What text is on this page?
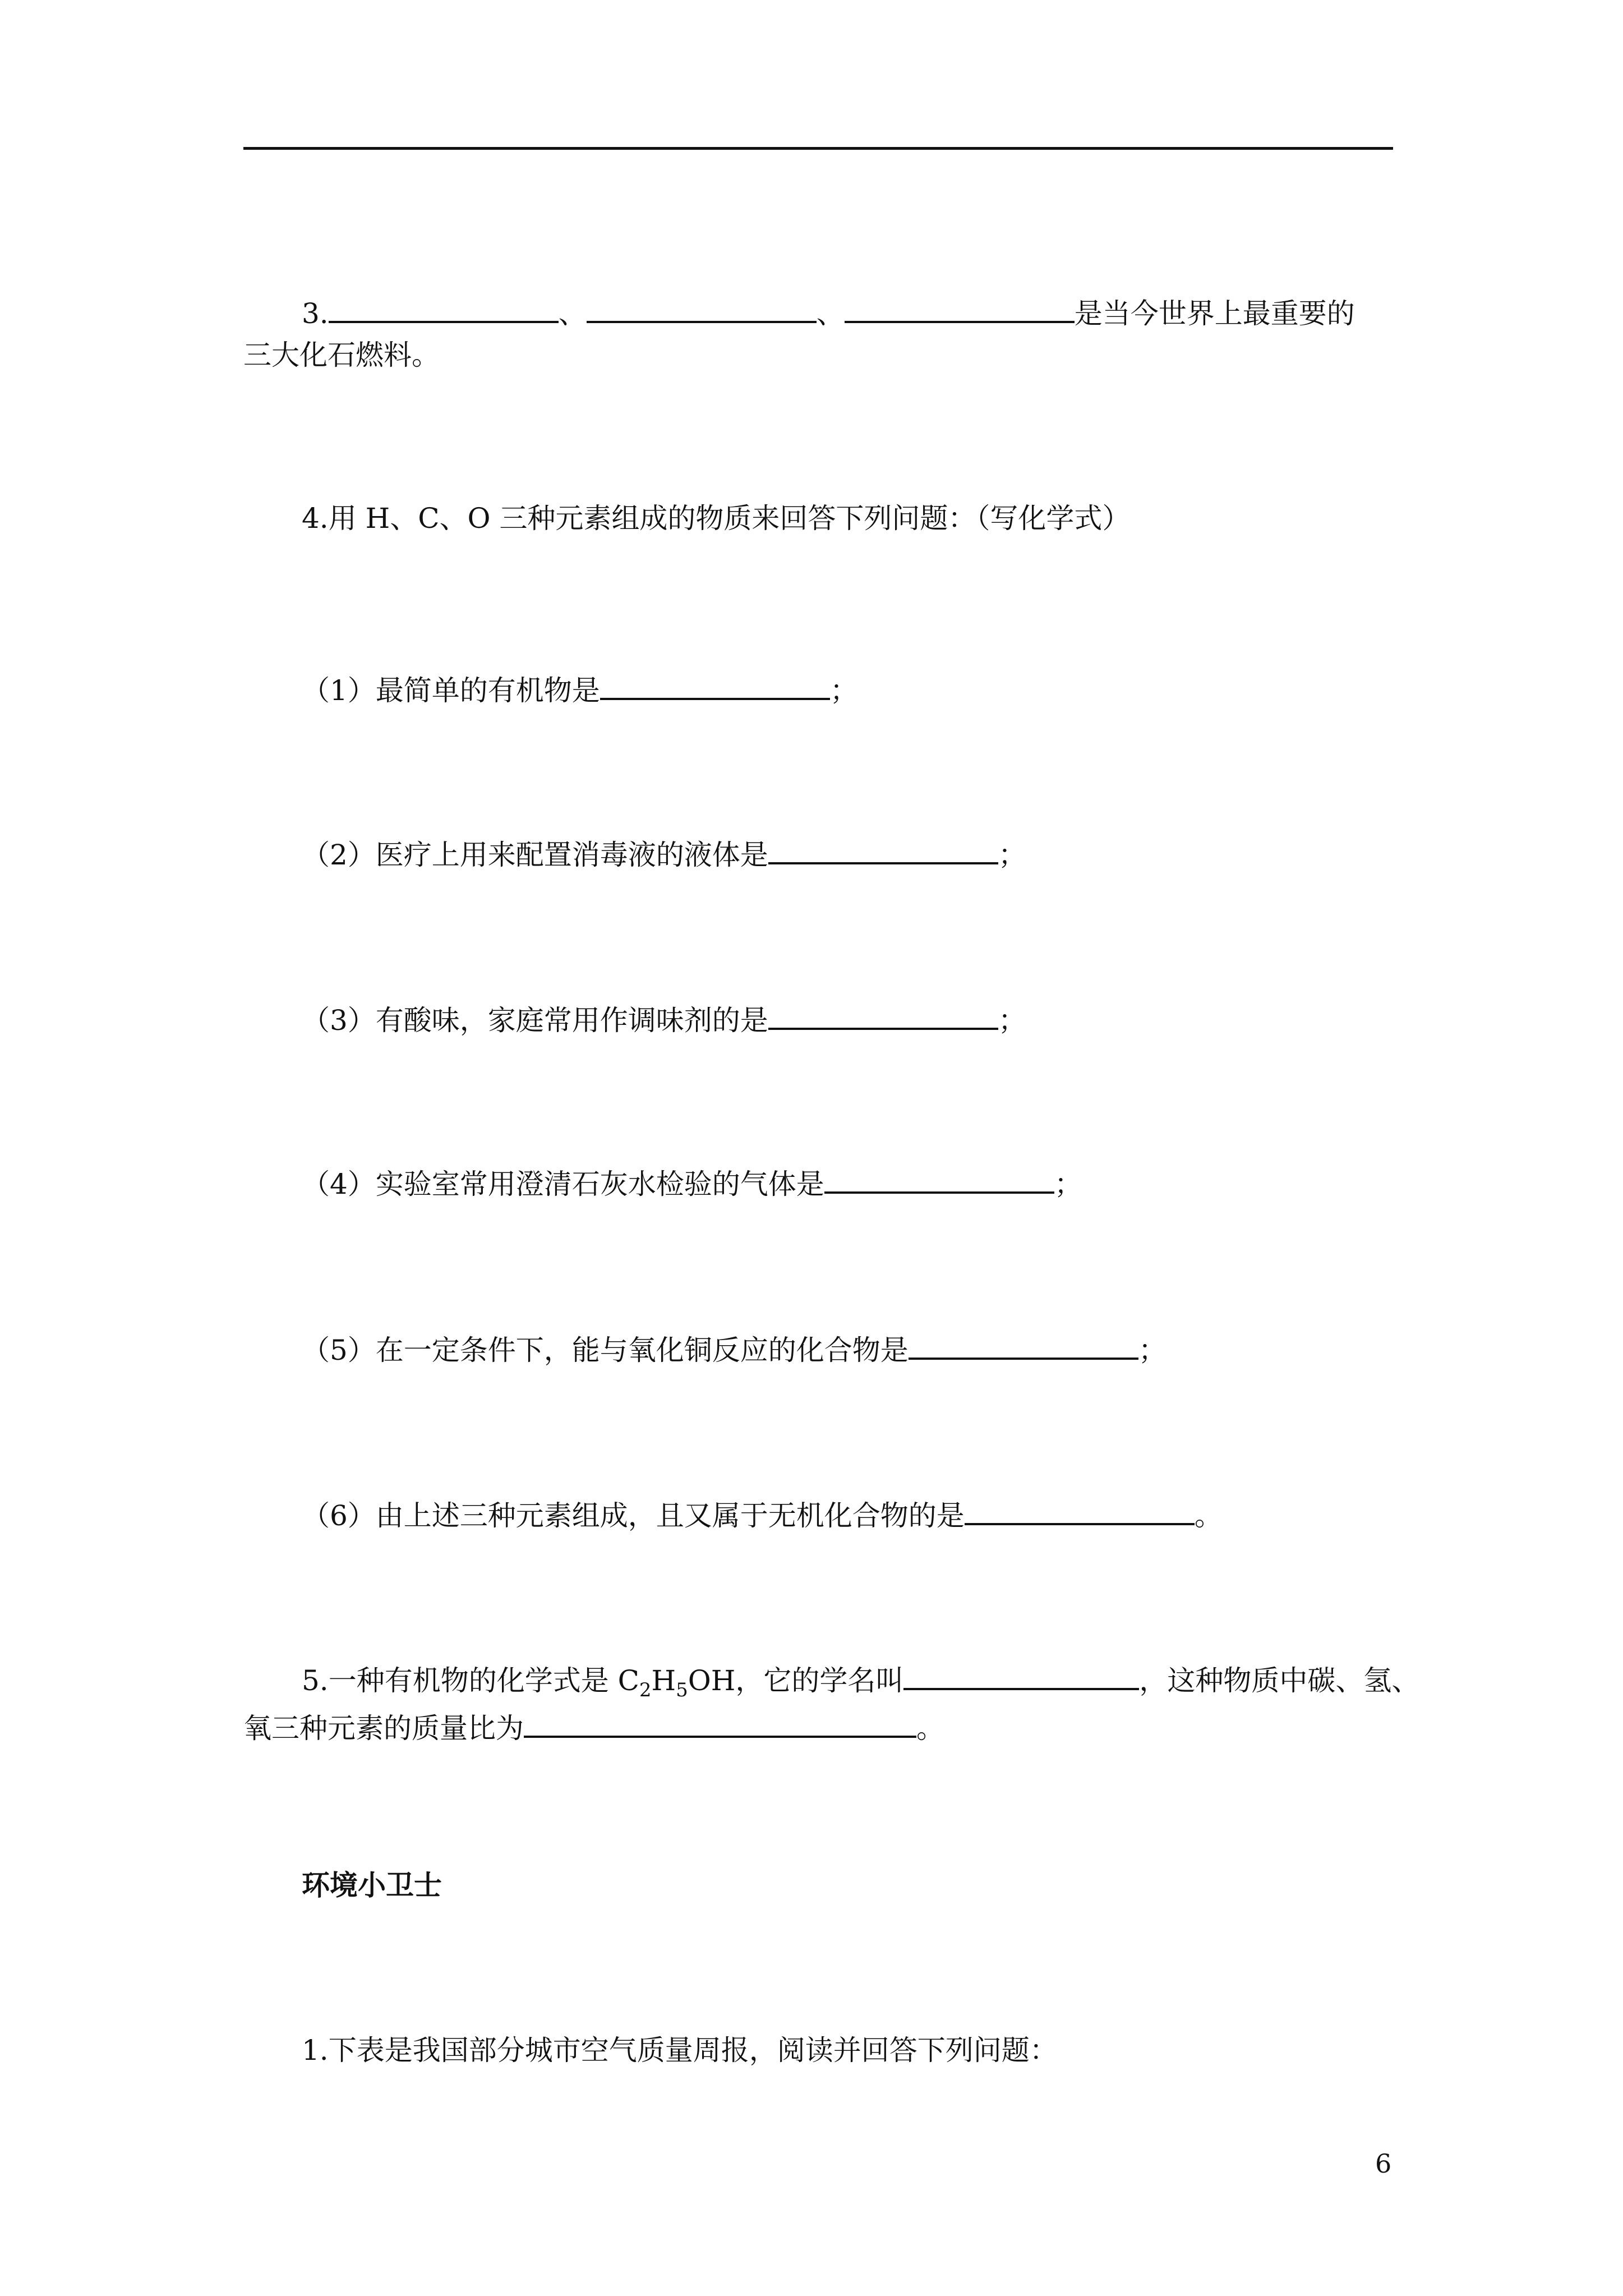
3.	、	、	是当今世界上最重要的
三大化石燃料。
4.用 H、C、O 三种元素组成的物质来回答下列问题：（写化学式）
（1）最简单的有机物是	；
（2）医疗上用来配置消毒液的液体是	；
（3）有酸味，家庭常用作调味剂的是	；
（4）实验室常用澄清石灰水检验的气体是	；
（5）在一定条件下，能与氧化铜反应的化合物是	；
（6）由上述三种元素组成，且又属于无机化合物的是	。
5.一种有机物的化学式是 $C_2H_5OH$，它的学名叫	，这种物质中碳、氢、
氧三种元素的质量比为	。
环境小卫士
1.下表是我国部分城市空气质量周报，阅读并回答下列问题：
6
